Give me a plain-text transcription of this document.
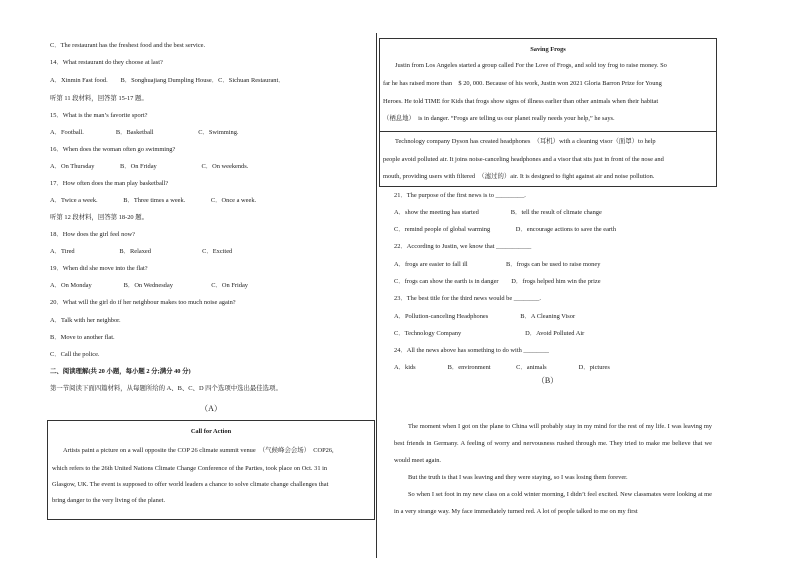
C．The restaurant has the freshest food and the best service.
14．What restaurant do they choose at last?
A．Xinmin Fast food.　　B．Songhuajiang Dumpling House．C．Sichuan Restaurant．
听第 11 段材料，回答第 15-17 题。
15．What is the man’s favorite sport?
A．Football.　　　　　B．Basketball　　　　　　　C．Swimming.
16．When does the woman often go swimming?
A．On Thursday　　　　B．On Friday　　　　　　　C．On weekends.
17．How often does the man play basketball?
A．Twice a week.　　　　B．Three times a week.　　　　C．Once a week.
听第 12 段材料，回答第 18-20 题。
18．How does the girl feel now?
A．Tired　　　　　　　B．Relaxed　　　　　　　　C．Excited
19．When did she move into the flat?
A．On Monday　　　　　B．On Wednesday　　　　　　C．On Friday
20．What will the girl do if her neighbour makes too much noise again?
A．Talk with her neighbor.
B．Move to another flat.
C．Call the police.
二、阅读理解(共 20 小题，每小题 2 分;满分 40 分)
第一节阅读下面四篇材料，从每题所给的 A、B、C、D 四个选项中选出最佳选项。
（A）
Call for Action
Artists paint a picture on a wall opposite the COP 26 climate summit venue　（气候峰会会场）　COP26,
which refers to the 26th United Nations Climate Change Conference of the Parties, took place on Oct. 31 in
Glasgow, UK. The event is supposed to offer world leaders a chance to solve climate change challenges that
bring danger to the very living of the planet.
Saving Frogs
Justin from Los Angeles started a group called For the Love of Frogs, and sold toy frog to raise money. So
far he has raised more than　$ 20, 000. Because of his work, Justin won 2021 Gloria Barron Prize for Young
Heroes. He told TIME for Kids that frogs show signs of illness earlier than other animals when their habitat
（栖息地）　is in danger. “Frogs are telling us our planet really needs your help,” he says.
Technology company Dyson has created headphones　（耳机）with a cleaning visor（面罩）to help
people avoid polluted air. It joins noise-canceling headphones and a visor that sits just in front of the nose and
mouth, providing users with filtered　（滤过的）air. It is designed to fight against air and noise pollution.
21．The purpose of the first news is to _________.
A．show the meeting has started　　　　　B．tell the result of climate change
C．remind people of global warming　　　　D．encourage actions to save the earth
22．According to Justin, we know that ___________
A．frogs are easier to fall ill　　　　　　B．frogs can be used to raise money
C．frogs can show the earth is in danger　　D．frogs helped him win the prize
23．The best title for the third news would be ________.
A．Pollution-canceling Headphones　　　　　B．A Cleaning Visor
C．Technology Company　　　　　　　　　　D．Avoid Polluted Air
24．All the news above has something to do with ________
A．kids　　　　　B．environment　　　　C．animals　　　　　D．pictures
（B）

The moment when I got on the plane to China will probably stay in my mind for the rest of my life. I was leaving my best friends in Germany. A feeling of worry and nervousness rushed through me. They tried to make me believe that we would meet again.

But the truth is that I was leaving and they were staying, so I was losing them forever.

So when I set foot in my new class on a cold winter morning, I didn’t feel excited. New classmates were looking at me in a very strange way. My face immediately turned red. A lot of people talked to me on my first
